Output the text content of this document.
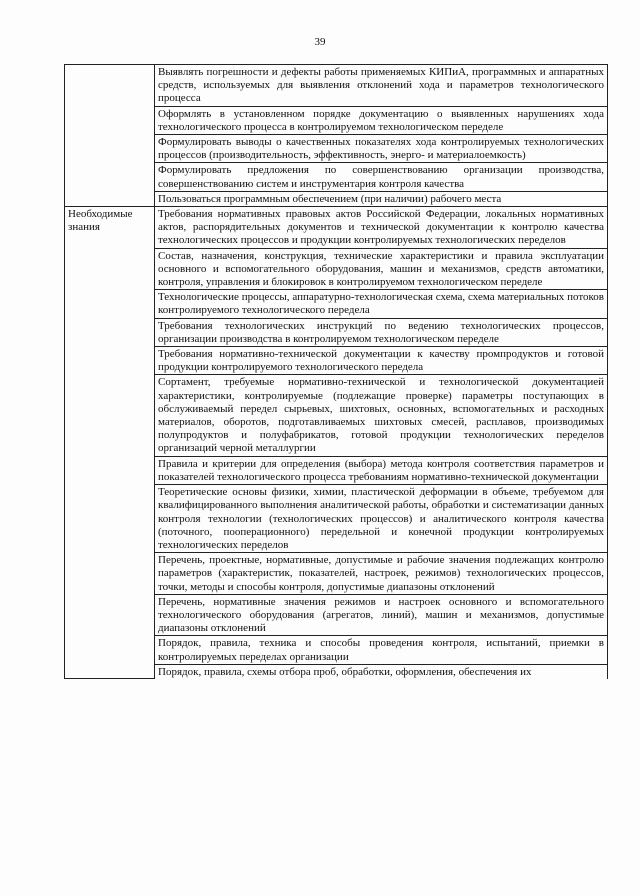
39
	Выявлять погрешности и дефекты работы применяемых КИПиА, программных и аппаратных средств, используемых для выявления отклонений хода и параметров технологического процесса
	Оформлять в установленном порядке документацию о выявленных нарушениях хода технологического процесса в контролируемом технологическом переделе
	Формулировать выводы о качественных показателях хода контролируемых технологических процессов (производительность, эффективность, энерго- и материалоемкость)
	Формулировать предложения по совершенствованию организации производства, совершенствованию систем и инструментария контроля качества
	Пользоваться программным обеспечением (при наличии) рабочего места
Необходимые знания	Требования нормативных правовых актов Российской Федерации, локальных нормативных актов, распорядительных документов и технической документации к контролю качества технологических процессов и продукции контролируемых технологических переделов
	Состав, назначения, конструкция, технические характеристики и правила эксплуатации основного и вспомогательного оборудования, машин и механизмов, средств автоматики, контроля, управления и блокировок в контролируемом технологическом переделе
	Технологические процессы, аппаратурно-технологическая схема, схема материальных потоков контролируемого технологического передела
	Требования технологических инструкций по ведению технологических процессов, организации производства в контролируемом технологическом переделе
	Требования нормативно-технической документации к качеству промпродуктов и готовой продукции контролируемого технологического передела
	Сортамент, требуемые нормативно-технической и технологической документацией характеристики, контролируемые (подлежащие проверке) параметры поступающих в обслуживаемый передел сырьевых, шихтовых, основных, вспомогательных и расходных материалов, оборотов, подготавливаемых шихтовых смесей, расплавов, производимых полупродуктов и полуфабрикатов, готовой продукции технологических переделов организаций черной металлургии
	Правила и критерии для определения (выбора) метода контроля соответствия параметров и показателей технологического процесса требованиям нормативно-технической документации
	Теоретические основы физики, химии, пластической деформации в объеме, требуемом для квалифицированного выполнения аналитической работы, обработки и систематизации данных контроля технологии (технологических процессов) и аналитического контроля качества (поточного, пооперационного) передельной и конечной продукции контролируемых технологических переделов
	Перечень, проектные, нормативные, допустимые и рабочие значения подлежащих контролю параметров (характеристик, показателей, настроек, режимов) технологических процессов, точки, методы и способы контроля, допустимые диапазоны отклонений
	Перечень, нормативные значения режимов и настроек основного и вспомогательного технологического оборудования (агрегатов, линий), машин и механизмов, допустимые диапазоны отклонений
	Порядок, правила, техника и способы проведения контроля, испытаний, приемки в контролируемых переделах организации
	Порядок, правила, схемы отбора проб, обработки, оформления, обеспечения их
